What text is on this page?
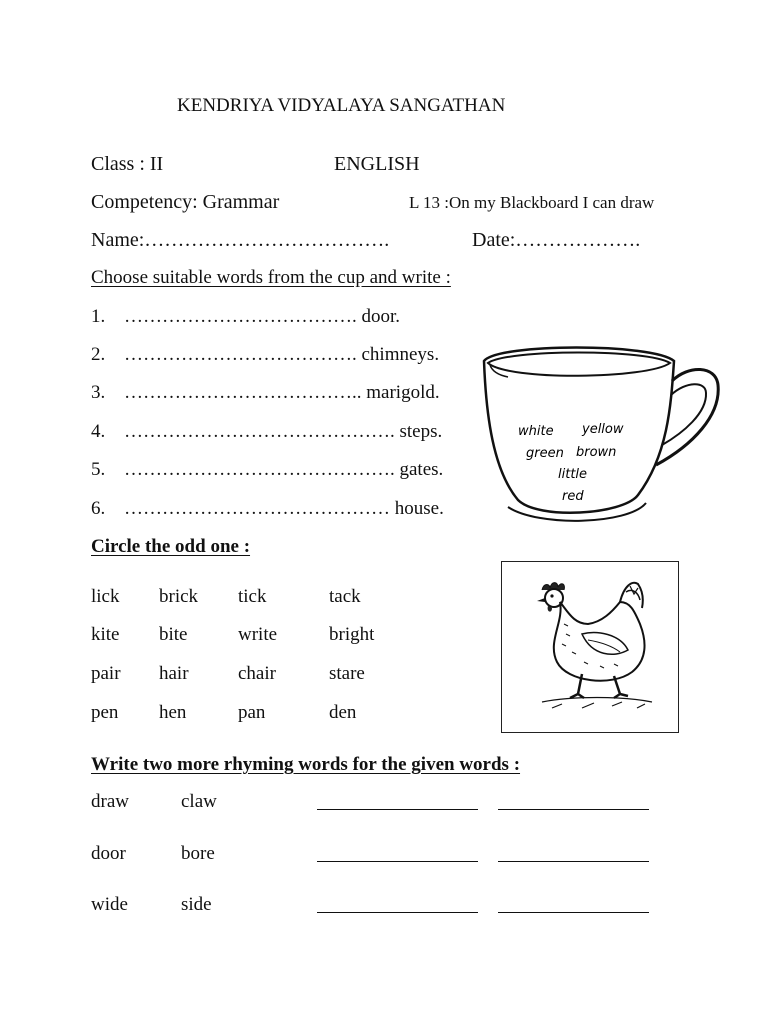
KENDRIYA VIDYALAYA SANGATHAN
Class : II	ENGLISH
Competency: Grammar	L 13 :On my Blackboard I can draw
Name:……………………………….	Date:……………….
Choose suitable words from the cup and write :
1. ………………………………. door.
2. ………………………………. chimneys.
3. ……………………………….. marigold.
4. ……………………………………. steps.
5. ……………………………………. gates.
6. …………………………………… house.
white yellow
green brown
little
red
Circle the odd one :
lick brick tick	tack
kite bite	write	bright
pair hair	chair	stare
pen hen	pan	den
Write two more rhyming words for the given words :
draw	claw
door	bore
wide	side
